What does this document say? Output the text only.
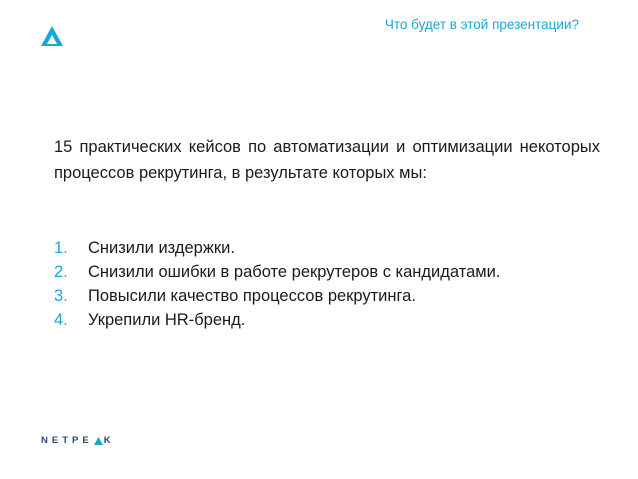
Что будет в этой презентации?
15 практических кейсов по автоматизации и оптимизации некоторых процессов рекрутинга, в результате которых мы:
1.	Снизили издержки.
2.	Снизили ошибки в работе рекрутеров с кандидатами.
3.	Повысили качество процессов рекрутинга.
4.	Укрепили HR-бренд.
NETPE K
